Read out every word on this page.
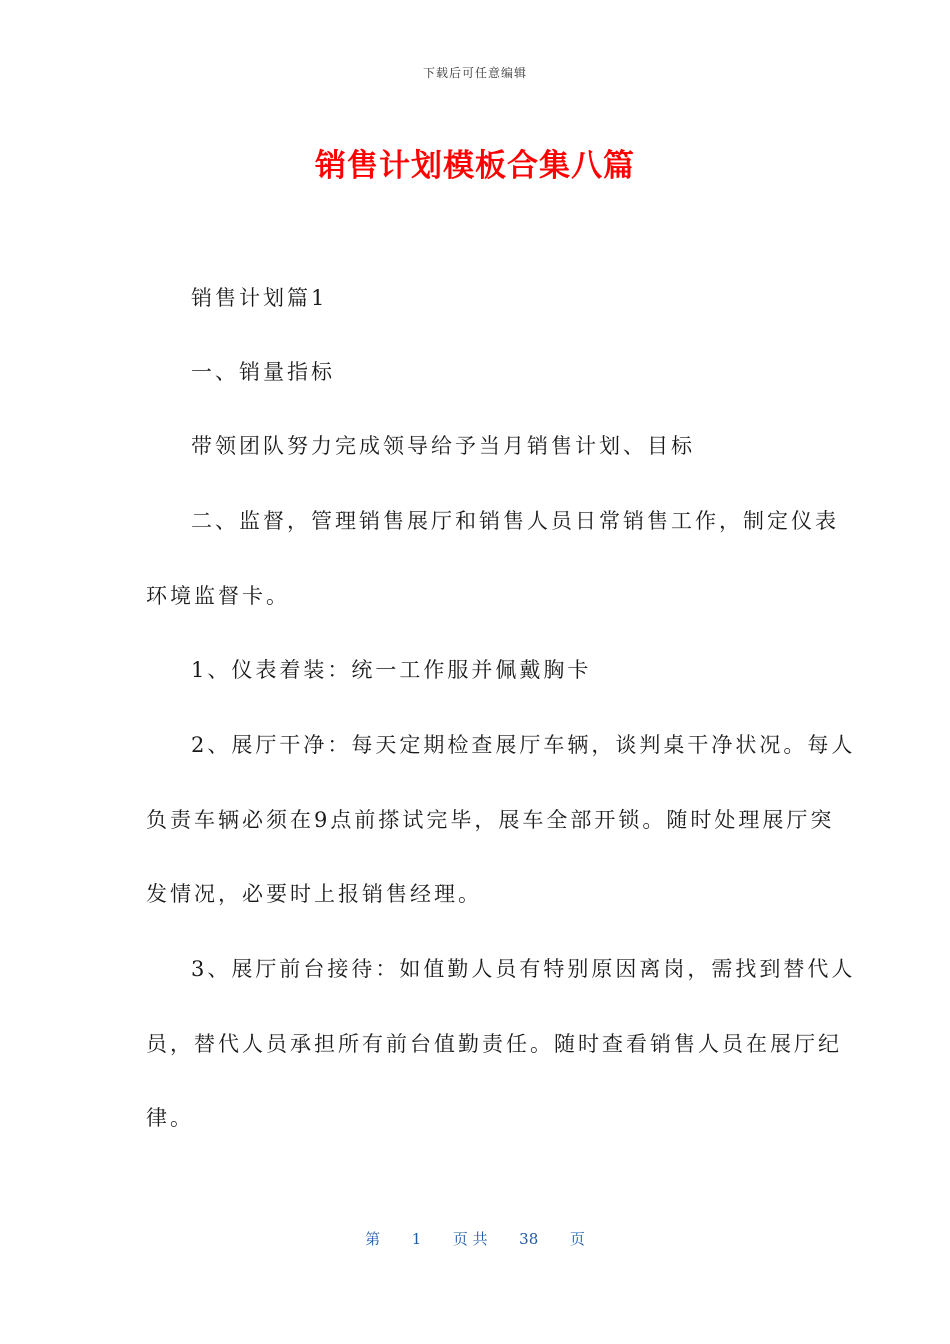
下载后可任意编辑
销售计划模板合集八篇
销售计划篇1
一、销量指标
带领团队努力完成领导给予当月销售计划、目标
二、监督，管理销售展厅和销售人员日常销售工作，制定仪表
环境监督卡。
1、仪表着装：统一工作服并佩戴胸卡
2、展厅干净：每天定期检查展厅车辆，谈判桌干净状况。每人
负责车辆必须在9点前搽试完毕，展车全部开锁。随时处理展厅突
发情况，必要时上报销售经理。
3、展厅前台接待：如值勤人员有特别原因离岗，需找到替代人
员，替代人员承担所有前台值勤责任。随时查看销售人员在展厅纪
律。
第 1 页 共 38 页
